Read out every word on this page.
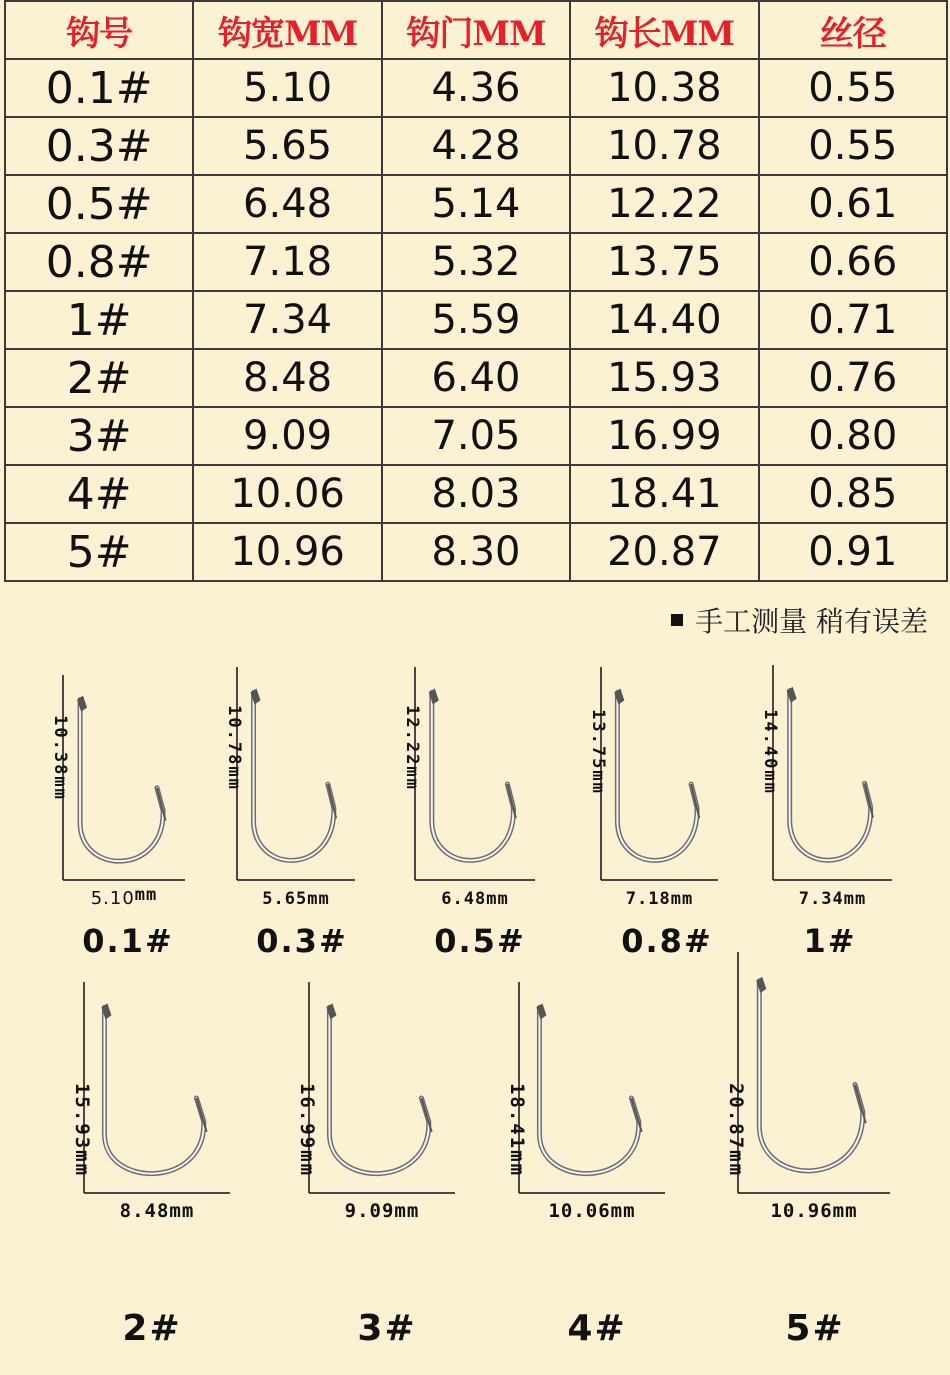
钩号	钩宽MM	钩门MM	钩长MM	丝径
0.1#	5.10	4.36	10.38	0.55
0.3#	5.65	4.28	10.78	0.55
0.5#	6.48	5.14	12.22	0.61
0.8#	7.18	5.32	13.75	0.66
1#	7.34	5.59	14.40	0.71
2#	8.48	6.40	15.93	0.76
3#	9.09	7.05	16.99	0.80
4#	10.06	8.03	18.41	0.85
5#	10.96	8.30	20.87	0.91
手工测量 稍有误差
10.38mm
5.10mm
0.1#
10.78mm
5.65mm
0.3#
12.22mm
6.48mm
0.5#
13.75mm
7.18mm
0.8#
14.40mm
7.34mm
1#
15.93mm
8.48mm
2#
16.99mm
9.09mm
3#
18.41mm
10.06mm
4#
20.87mm
10.96mm
5#
